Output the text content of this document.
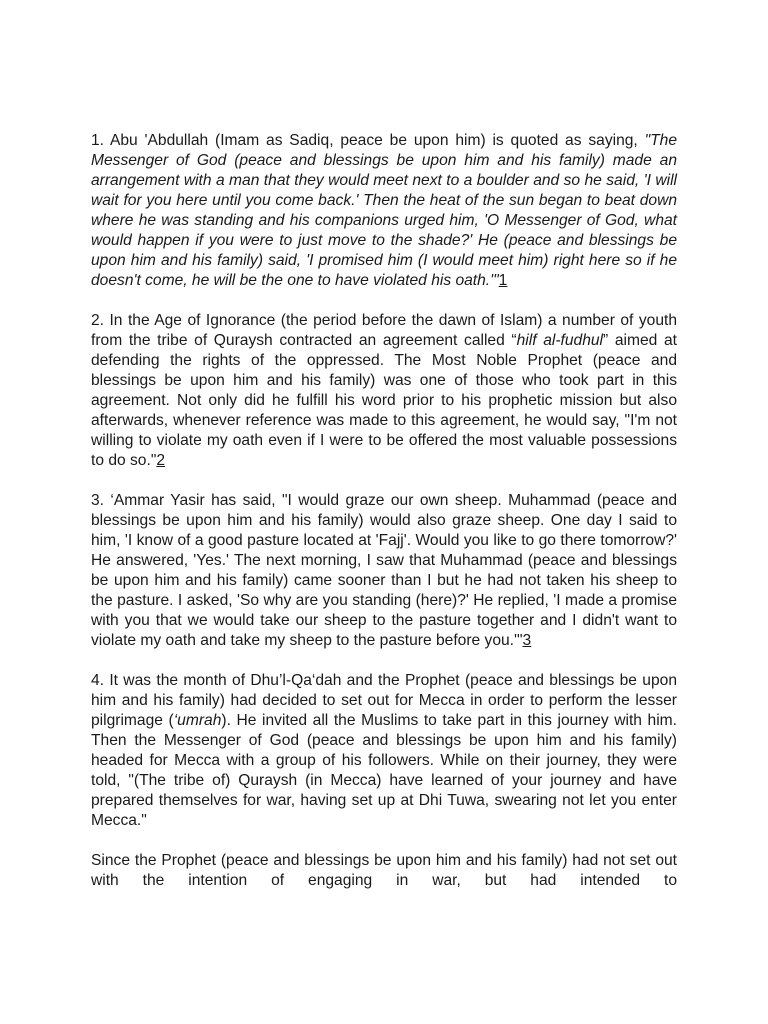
1. Abu 'Abdullah (Imam as Sadiq, peace be upon him) is quoted as saying, "The Messenger of God (peace and blessings be upon him and his family) made an arrangement with a man that they would meet next to a boulder and so he said, 'I will wait for you here until you come back.' Then the heat of the sun began to beat down where he was standing and his companions urged him, 'O Messenger of God, what would happen if you were to just move to the shade?' He (peace and blessings be upon him and his family) said, 'I promised him (I would meet him) right here so if he doesn't come, he will be the one to have violated his oath.'"1

2. In the Age of Ignorance (the period before the dawn of Islam) a number of youth from the tribe of Quraysh contracted an agreement called “hilf al-fudhul” aimed at defending the rights of the oppressed. The Most Noble Prophet (peace and blessings be upon him and his family) was one of those who took part in this agreement. Not only did he fulfill his word prior to his prophetic mission but also afterwards, whenever reference was made to this agreement, he would say, "I'm not willing to violate my oath even if I were to be offered the most valuable possessions to do so."2

3. ‘Ammar Yasir has said, "I would graze our own sheep. Muhammad (peace and blessings be upon him and his family) would also graze sheep. One day I said to him, 'I know of a good pasture located at 'Fajj'. Would you like to go there tomorrow?' He answered, 'Yes.' The next morning, I saw that Muhammad (peace and blessings be upon him and his family) came sooner than I but he had not taken his sheep to the pasture. I asked, 'So why are you standing (here)?' He replied, 'I made a promise with you that we would take our sheep to the pasture together and I didn't want to violate my oath and take my sheep to the pasture before you.'"3

4. It was the month of Dhu’l-Qa‘dah and the Prophet (peace and blessings be upon him and his family) had decided to set out for Mecca in order to perform the lesser pilgrimage (‘umrah). He invited all the Muslims to take part in this journey with him. Then the Messenger of God (peace and blessings be upon him and his family) headed for Mecca with a group of his followers. While on their journey, they were told, "(The tribe of) Quraysh (in Mecca) have learned of your journey and have prepared themselves for war, having set up at Dhi Tuwa, swearing not let you enter Mecca."

Since the Prophet (peace and blessings be upon him and his family) had not set out with the intention of engaging in war, but had intended to
